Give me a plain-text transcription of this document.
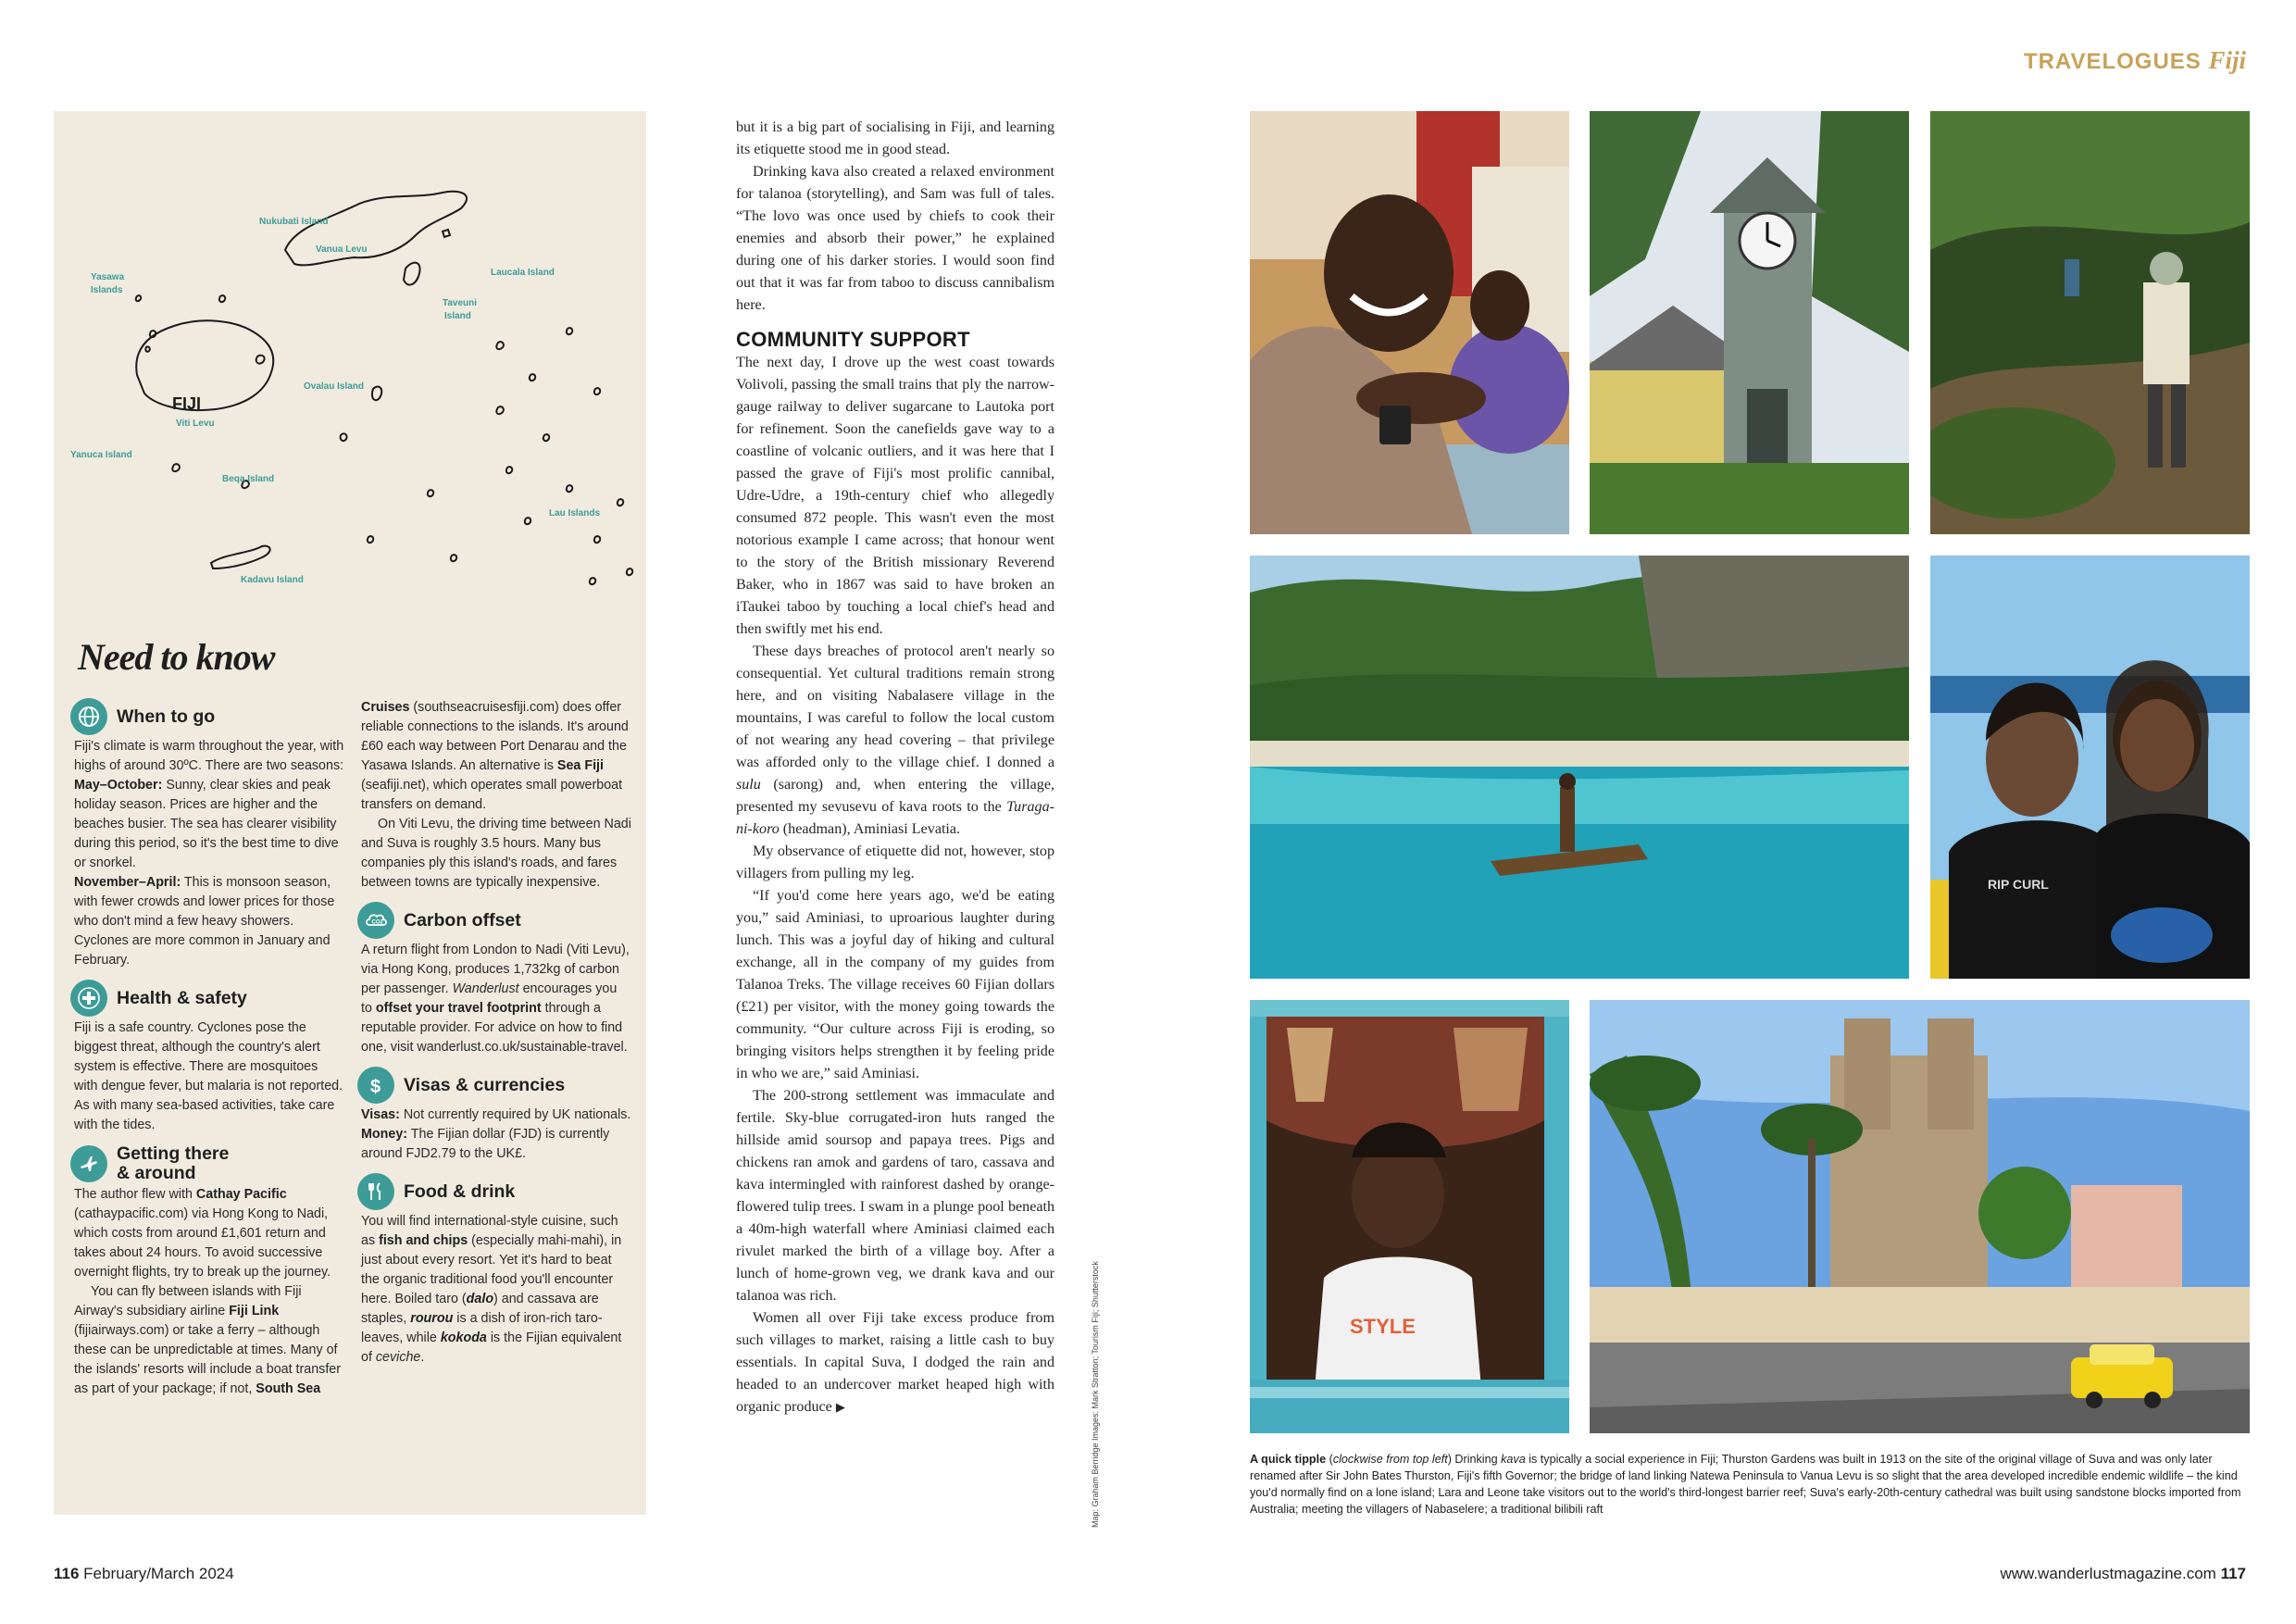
TRAVELOGUES Fiji
Nukubati Island
Vanua Levu
Laucala Island
Yasawa
Islands
Taveuni
Island
Ovalau Island
FIJI
Viti Levu
Yanuca Island
Beqa Island
Lau Islands
Kadavu Island
Need to know
When to go

Fiji's climate is warm throughout the year, with highs of around 30ºC. There are two seasons:
May–October: Sunny, clear skies and peak holiday season. Prices are higher and the beaches busier. The sea has clearer visibility during this period, so it's the best time to dive or snorkel.
November–April: This is monsoon season, with fewer crowds and lower prices for those who don't mind a few heavy showers. Cyclones are more common in January and February.

Health & safety

Fiji is a safe country. Cyclones pose the biggest threat, although the country's alert system is effective. There are mosquitoes with dengue fever, but malaria is not reported. As with many sea-based activities, take care with the tides.

Getting there
& around

The author flew with Cathay Pacific (cathaypacific.com) via Hong Kong to Nadi, which costs from around £1,601 return and takes about 24 hours. To avoid successive overnight flights, try to break up the journey.

You can fly between islands with Fiji Airway's subsidiary airline Fiji Link (fijiairways.com) or take a ferry – although these can be unpredictable at times. Many of the islands' resorts will include a boat transfer as part of your package; if not, South Sea

Cruises (southseacruisesfiji.com) does offer reliable connections to the islands. It's around £60 each way between Port Denarau and the Yasawa Islands. An alternative is Sea Fiji (seafiji.net), which operates small powerboat transfers on demand.

On Viti Levu, the driving time between Nadi and Suva is roughly 3.5 hours. Many bus companies ply this island's roads, and fares between towns are typically inexpensive.

CO2 Carbon offset

A return flight from London to Nadi (Viti Levu), via Hong Kong, produces 1,732kg of carbon per passenger. Wanderlust encourages you to offset your travel footprint through a reputable provider. For advice on how to find one, visit wanderlust.co.uk/sustainable-travel.

$ Visas & currencies

Visas: Not currently required by UK nationals.
Money: The Fijian dollar (FJD) is currently around FJD2.79 to the UK£.

Food & drink

You will find international-style cuisine, such as fish and chips (especially mahi-mahi), in just about every resort. Yet it's hard to beat the organic traditional food you'll encounter here. Boiled taro (dalo) and cassava are staples, rourou is a dish of iron-rich taro-leaves, while kokoda is the Fijian equivalent of ceviche.

but it is a big part of socialising in Fiji, and learning its etiquette stood me in good stead.

Drinking kava also created a relaxed environment for talanoa (storytelling), and Sam was full of tales. “The lovo was once used by chiefs to cook their enemies and absorb their power,” he explained during one of his darker stories. I would soon find out that it was far from taboo to discuss cannibalism here.

COMMUNITY SUPPORT

The next day, I drove up the west coast towards Volivoli, passing the small trains that ply the narrow-gauge railway to deliver sugarcane to Lautoka port for refinement. Soon the canefields gave way to a coastline of volcanic outliers, and it was here that I passed the grave of Fiji's most prolific cannibal, Udre-Udre, a 19th-century chief who allegedly consumed 872 people. This wasn't even the most notorious example I came across; that honour went to the story of the British missionary Reverend Baker, who in 1867 was said to have broken an iTaukei taboo by touching a local chief's head and then swiftly met his end.

These days breaches of protocol aren't nearly so consequential. Yet cultural traditions remain strong here, and on visiting Nabalasere village in the mountains, I was careful to follow the local custom of not wearing any head covering – that privilege was afforded only to the village chief. I donned a sulu (sarong) and, when entering the village, presented my sevusevu of kava roots to the Turaga-ni-koro (headman), Aminiasi Levatia.

My observance of etiquette did not, however, stop villagers from pulling my leg.

“If you'd come here years ago, we'd be eating you,” said Aminiasi, to uproarious laughter during lunch. This was a joyful day of hiking and cultural exchange, all in the company of my guides from Talanoa Treks. The village receives 60 Fijian dollars (£21) per visitor, with the money going towards the community. “Our culture across Fiji is eroding, so bringing visitors helps strengthen it by feeling pride in who we are,” said Aminiasi.

The 200-strong settlement was immaculate and fertile. Sky-blue corrugated-iron huts ranged the hillside amid soursop and papaya trees. Pigs and chickens ran amok and gardens of taro, cassava and kava intermingled with rainforest dashed by orange-flowered tulip trees. I swam in a plunge pool beneath a 40m-high waterfall where Aminiasi claimed each rivulet marked the birth of a village boy. After a lunch of home-grown veg, we drank kava and our talanoa was rich.

Women all over Fiji take excess produce from such villages to market, raising a little cash to buy essentials. In capital Suva, I dodged the rain and headed to an undercover market heaped high with organic produce ▶	Map: Graham Berridge Images: Mark Stratton; Tourism Fiji; Shutterstock
RIP CURL
STYLE
A quick tipple (clockwise from top left) Drinking kava is typically a social experience in Fiji; Thurston Gardens was built in 1913 on the site of the original village of Suva and was only later renamed after Sir John Bates Thurston, Fiji's fifth Governor; the bridge of land linking Natewa Peninsula to Vanua Levu is so slight that the area developed incredible endemic wildlife – the kind you'd normally find on a lone island; Lara and Leone take visitors out to the world's third-longest barrier reef; Suva's early-20th-century cathedral was built using sandstone blocks imported from Australia; meeting the villagers of Nabaselere; a traditional bilibili raft
116 February/March 2024	www.wanderlustmagazine.com 117
